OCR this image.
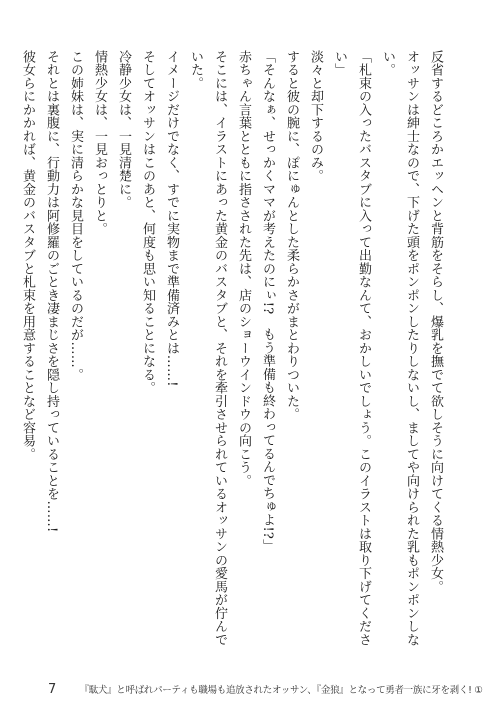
反省するどころかエッヘンと背筋をそらし、爆乳を撫でて欲しそうに向けてくる情熱少女。

オッサンは紳士なので、下げた頭をポンポンしたりしないし、ましてや向けられた乳もポンポンしない。

「札束の入ったバスタブに入って出勤なんて、おかしいでしょう。このイラストは取り下げてください」

淡々と却下するのみ。

すると彼の腕に、ぽにゅんとした柔らかさがまとわりついた。

「そんなぁ、せっかくママが考えたのにぃ!?　もう準備も終わってるんでちゅよ!?」

赤ちゃん言葉とともに指さされた先は、店のショーウインドウの向こう。

そこには、イラストにあった黄金のバスタブと、それを牽引させられているオッサンの愛馬が佇んでいた。

イメージだけでなく、すでに実物まで準備済みとは……!

そしてオッサンはこのあと、何度も思い知ることになる。

冷静少女は、一見清楚に。

情熱少女は、一見おっとりと。

この姉妹は、実に清らかな見目をしているのだが……。

それとは裏腹に、行動力は阿修羅のごとき凄まじさを隠し持っていることを……!

彼女らにかかれば、黄金のバスタブと札束を用意することなど容易。

7 『駄犬』と呼ばれパーティも職場も追放されたオッサン、『金狼』となって勇者一族に牙を剥く! ①
